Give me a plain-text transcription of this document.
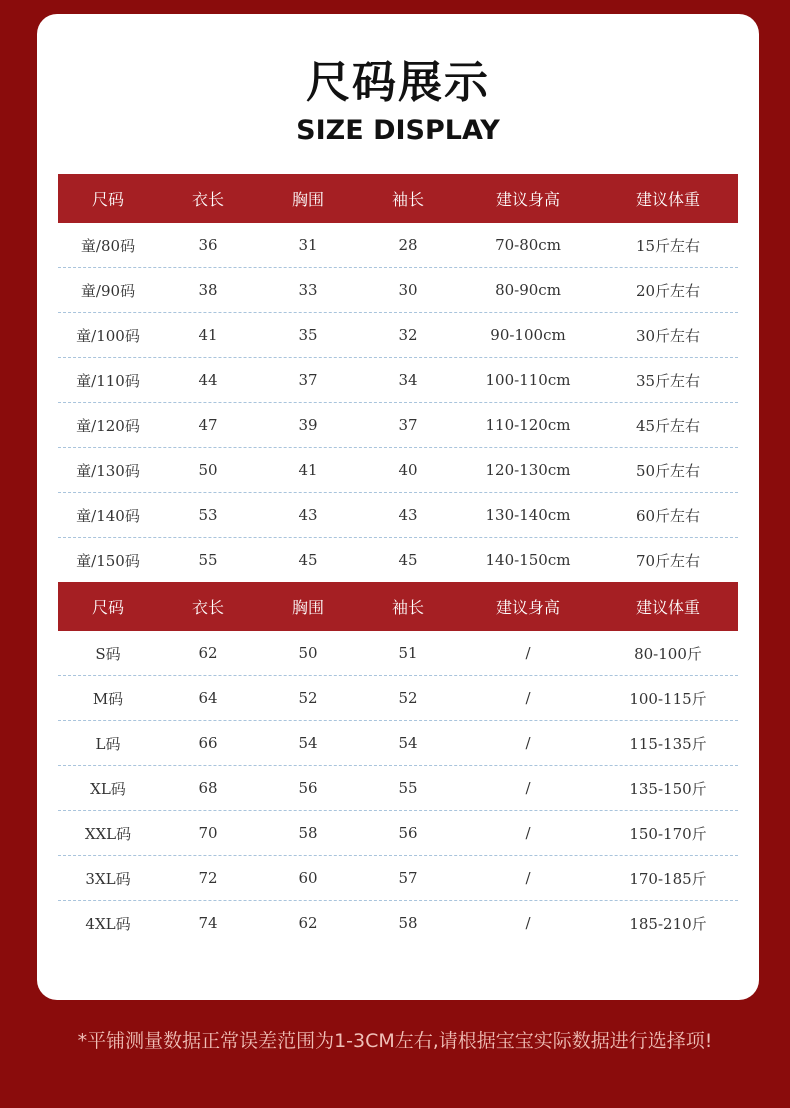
尺码展示
SIZE DISPLAY
尺码	衣长	胸围	袖长	建议身高	建议体重
童/80码	36	31	28	70-80cm	15斤左右
童/90码	38	33	30	80-90cm	20斤左右
童/100码	41	35	32	90-100cm	30斤左右
童/110码	44	37	34	100-110cm	35斤左右
童/120码	47	39	37	110-120cm	45斤左右
童/130码	50	41	40	120-130cm	50斤左右
童/140码	53	43	43	130-140cm	60斤左右
童/150码	55	45	45	140-150cm	70斤左右
尺码	衣长	胸围	袖长	建议身高	建议体重
S码	62	50	51	/	80-100斤
M码	64	52	52	/	100-115斤
L码	66	54	54	/	115-135斤
XL码	68	56	55	/	135-150斤
XXL码	70	58	56	/	150-170斤
3XL码	72	60	57	/	170-185斤
4XL码	74	62	58	/	185-210斤
*平铺测量数据正常误差范围为1-3CM左右,请根据宝宝实际数据进行选择项!
